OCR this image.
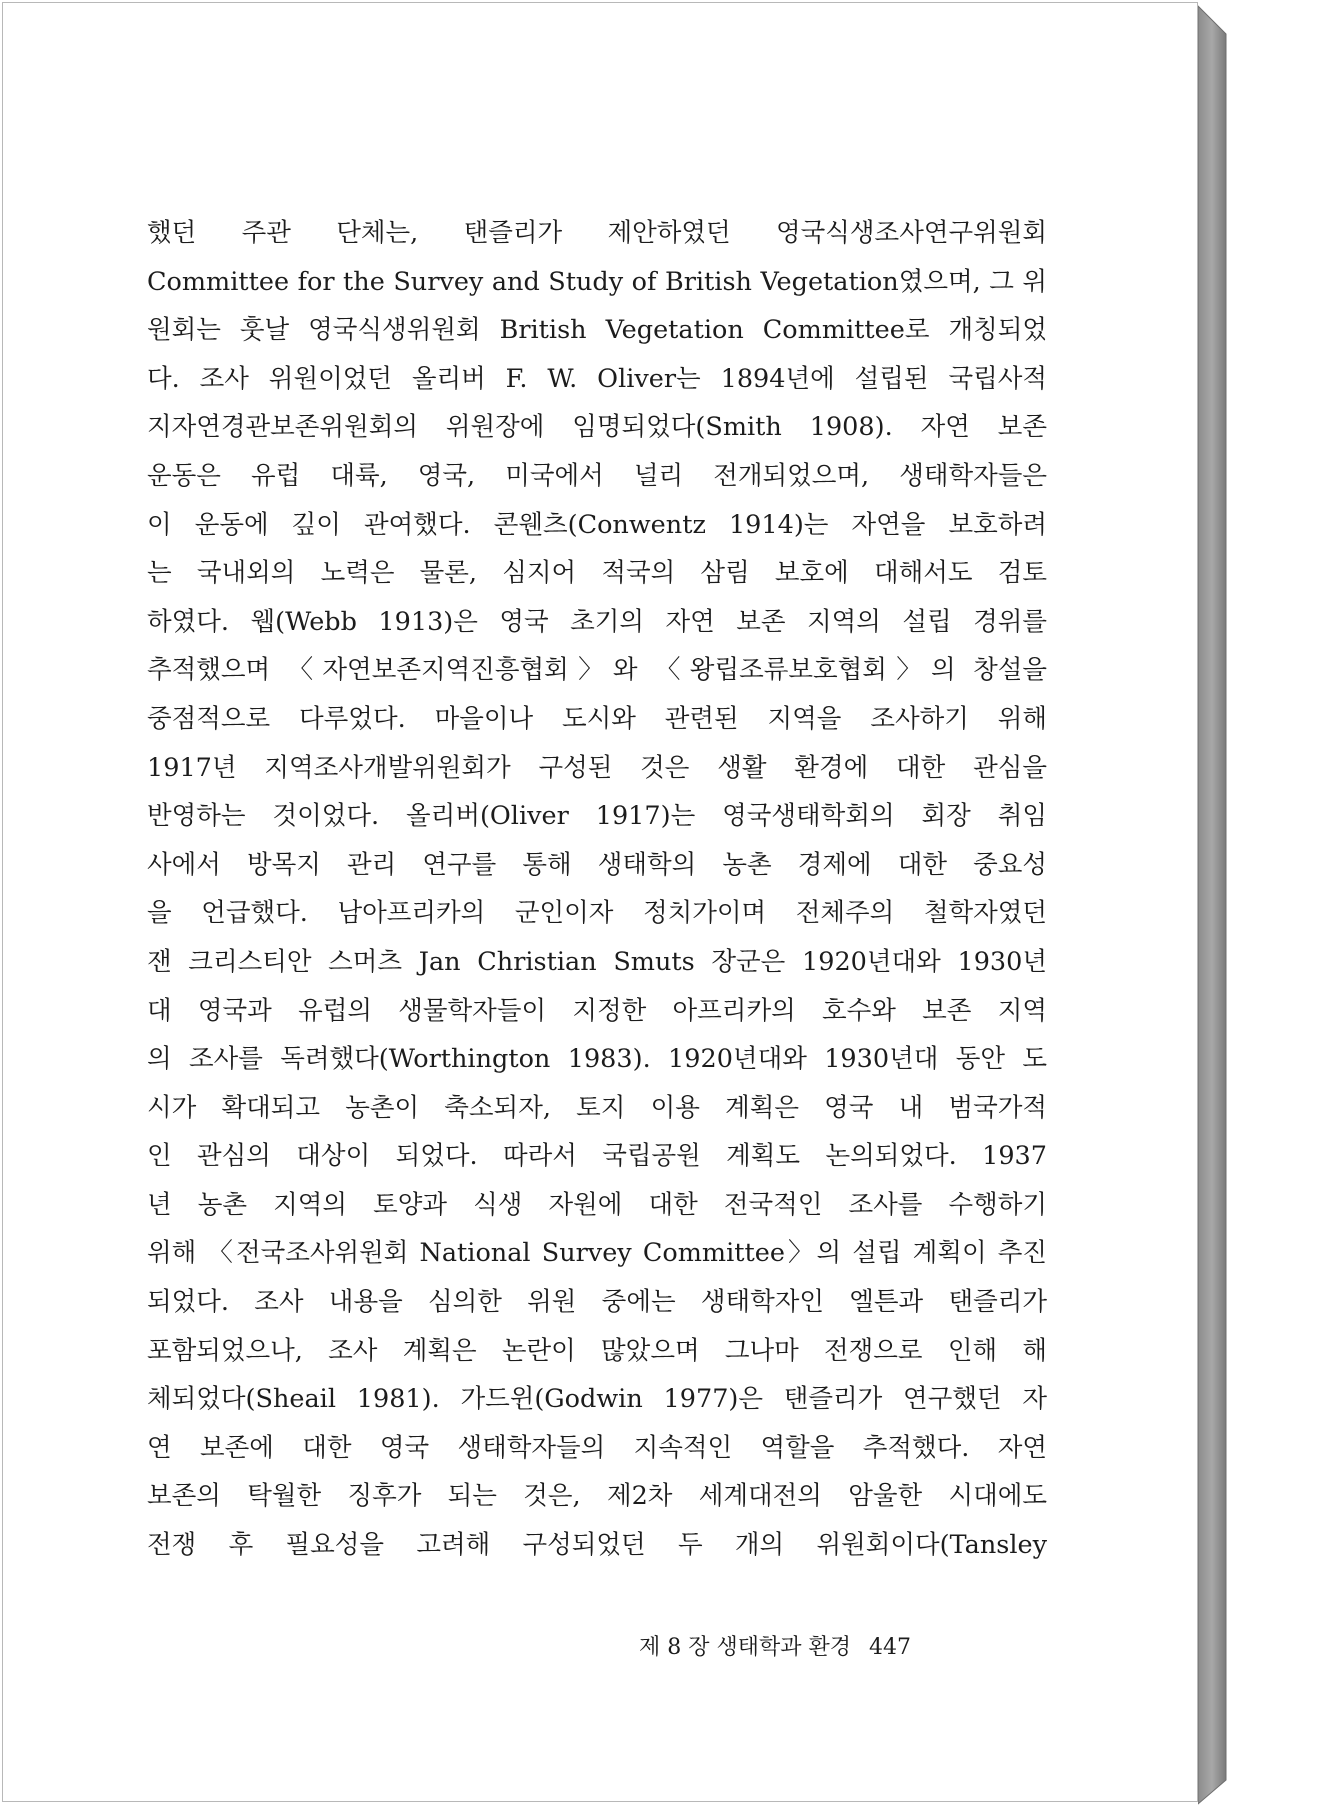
했던 주관 단체는, 탠즐리가 제안하였던 영국식생조사연구위원회
Committee for the Survey and Study of British Vegetation였으며, 그 위
원회는 훗날 영국식생위원회 British Vegetation Committee로 개칭되었
다. 조사 위원이었던 올리버 F. W. Oliver는 1894년에 설립된 국립사적
지자연경관보존위원회의 위원장에 임명되었다(Smith 1908). 자연 보존
운동은 유럽 대륙, 영국, 미국에서 널리 전개되었으며, 생태학자들은
이 운동에 깊이 관여했다. 콘웬츠(Conwentz 1914)는 자연을 보호하려
는 국내외의 노력은 물론, 심지어 적국의 삼림 보호에 대해서도 검토
하였다. 웹(Webb 1913)은 영국 초기의 자연 보존 지역의 설립 경위를
추적했으며 〈자연보존지역진흥협회〉와 〈왕립조류보호협회〉의 창설을
중점적으로 다루었다. 마을이나 도시와 관련된 지역을 조사하기 위해
1917년 지역조사개발위원회가 구성된 것은 생활 환경에 대한 관심을
반영하는 것이었다. 올리버(Oliver 1917)는 영국생태학회의 회장 취임
사에서 방목지 관리 연구를 통해 생태학의 농촌 경제에 대한 중요성
을 언급했다. 남아프리카의 군인이자 정치가이며 전체주의 철학자였던
잰 크리스티안 스머츠 Jan Christian Smuts 장군은 1920년대와 1930년
대 영국과 유럽의 생물학자들이 지정한 아프리카의 호수와 보존 지역
의 조사를 독려했다(Worthington 1983). 1920년대와 1930년대 동안 도
시가 확대되고 농촌이 축소되자, 토지 이용 계획은 영국 내 범국가적
인 관심의 대상이 되었다. 따라서 국립공원 계획도 논의되었다. 1937
년 농촌 지역의 토양과 식생 자원에 대한 전국적인 조사를 수행하기
위해 〈전국조사위원회 National Survey Committee〉의 설립 계획이 추진
되었다. 조사 내용을 심의한 위원 중에는 생태학자인 엘튼과 탠즐리가
포함되었으나, 조사 계획은 논란이 많았으며 그나마 전쟁으로 인해 해
체되었다(Sheail 1981). 가드윈(Godwin 1977)은 탠즐리가 연구했던 자
연 보존에 대한 영국 생태학자들의 지속적인 역할을 추적했다. 자연
보존의 탁월한 징후가 되는 것은, 제2차 세계대전의 암울한 시대에도
전쟁 후 필요성을 고려해 구성되었던 두 개의 위원회이다(Tansley
제 8 장 생태학과 환경 447
